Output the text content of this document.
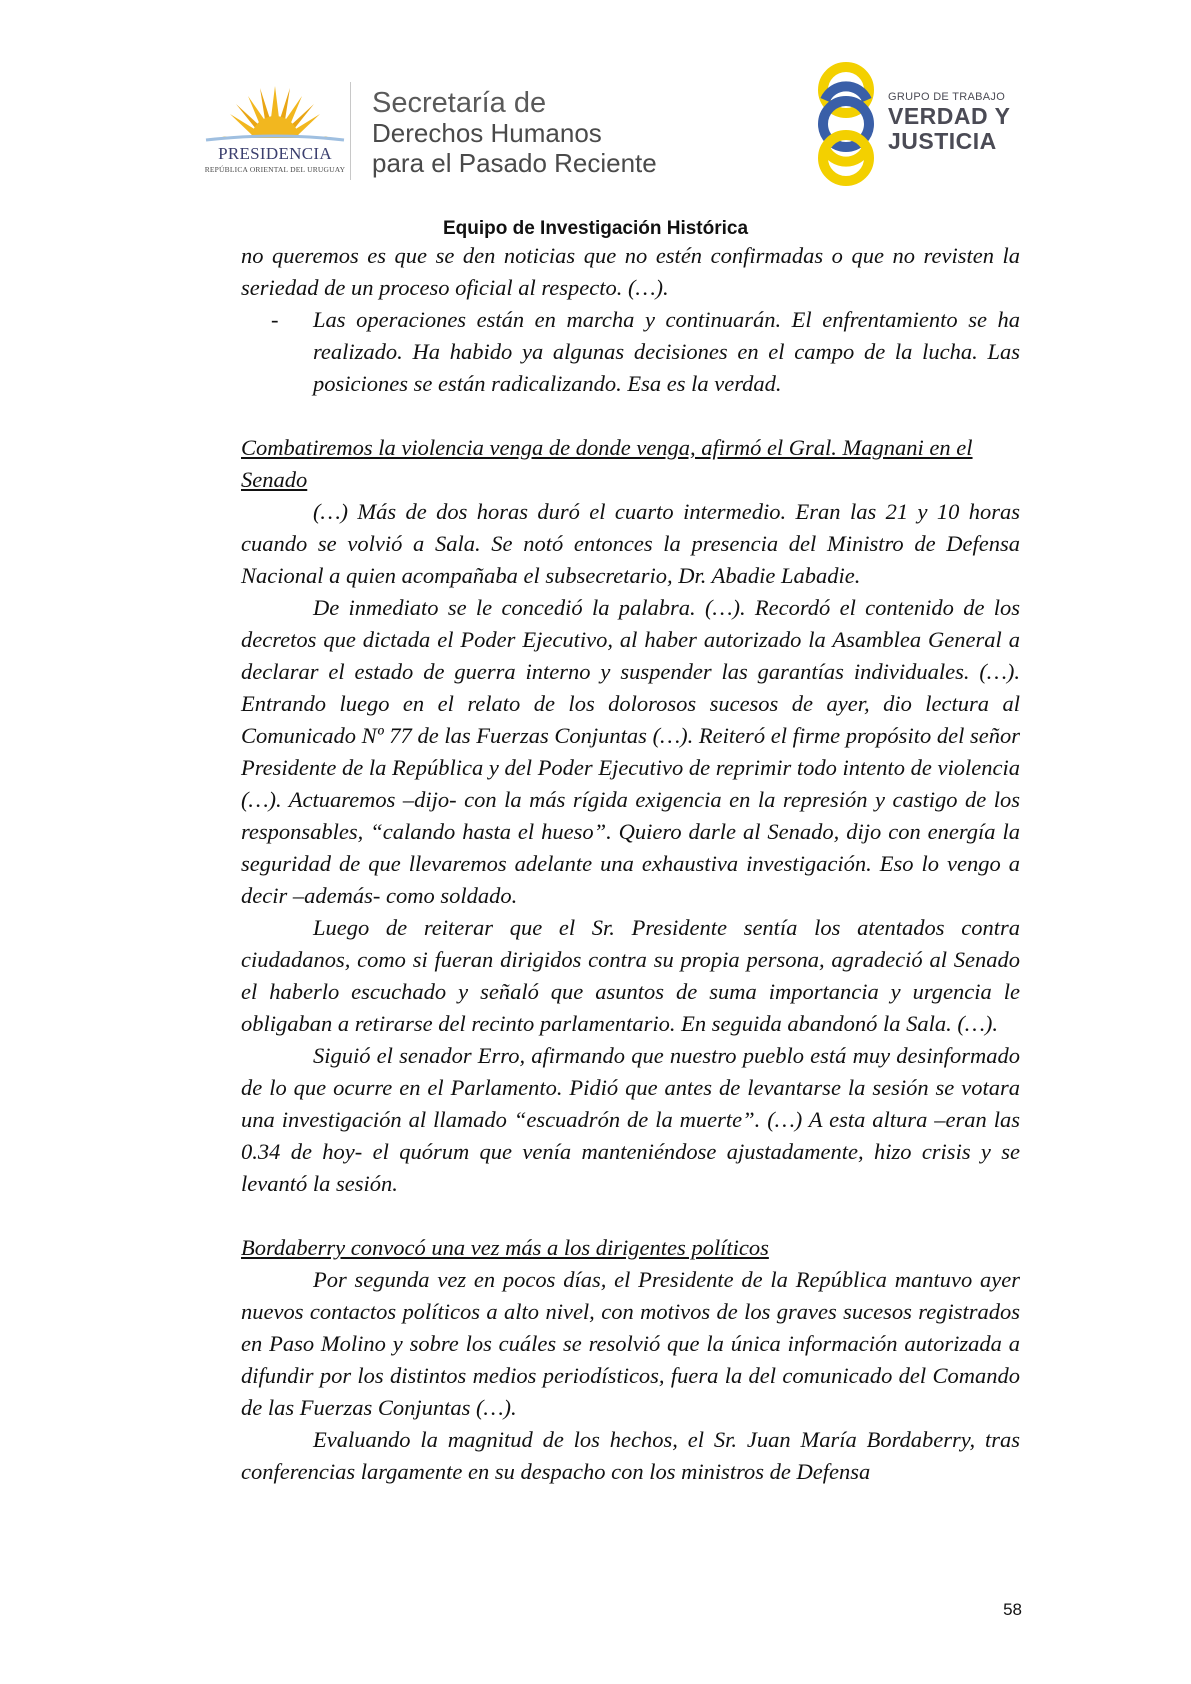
PRESIDENCIA
REPÚBLICA ORIENTAL DEL URUGUAY
Secretaría de
Derechos Humanos
para el Pasado Reciente
GRUPO DE TRABAJO
VERDAD Y
JUSTICIA
Equipo de Investigación Histórica

no queremos es que se den noticias que no estén confirmadas o que no revisten la seriedad de un proceso oficial al respecto. (…).

- Las operaciones están en marcha y continuarán. El enfrentamiento se ha realizado. Ha habido ya algunas decisiones en el campo de la lucha. Las posiciones se están radicalizando. Esa es la verdad.

Combatiremos la violencia venga de donde venga, afirmó el Gral. Magnani en el Senado

(…) Más de dos horas duró el cuarto intermedio. Eran las 21 y 10 horas cuando se volvió a Sala. Se notó entonces la presencia del Ministro de Defensa Nacional a quien acompañaba el subsecretario, Dr. Abadie Labadie.

De inmediato se le concedió la palabra. (…). Recordó el contenido de los decretos que dictada el Poder Ejecutivo, al haber autorizado la Asamblea General a declarar el estado de guerra interno y suspender las garantías individuales. (…). Entrando luego en el relato de los dolorosos sucesos de ayer, dio lectura al Comunicado Nº 77 de las Fuerzas Conjuntas (…). Reiteró el firme propósito del señor Presidente de la República y del Poder Ejecutivo de reprimir todo intento de violencia (…). Actuaremos –dijo- con la más rígida exigencia en la represión y castigo de los responsables, “calando hasta el hueso”. Quiero darle al Senado, dijo con energía la seguridad de que llevaremos adelante una exhaustiva investigación. Eso lo vengo a decir –además- como soldado.

Luego de reiterar que el Sr. Presidente sentía los atentados contra ciudadanos, como si fueran dirigidos contra su propia persona, agradeció al Senado el haberlo escuchado y señaló que asuntos de suma importancia y urgencia le obligaban a retirarse del recinto parlamentario. En seguida abandonó la Sala. (…).

Siguió el senador Erro, afirmando que nuestro pueblo está muy desinformado de lo que ocurre en el Parlamento. Pidió que antes de levantarse la sesión se votara una investigación al llamado “escuadrón de la muerte”. (…) A esta altura –eran las 0.34 de hoy- el quórum que venía manteniéndose ajustadamente, hizo crisis y se levantó la sesión.

Bordaberry convocó una vez más a los dirigentes políticos

Por segunda vez en pocos días, el Presidente de la República mantuvo ayer nuevos contactos políticos a alto nivel, con motivos de los graves sucesos registrados en Paso Molino y sobre los cuáles se resolvió que la única información autorizada a difundir por los distintos medios periodísticos, fuera la del comunicado del Comando de las Fuerzas Conjuntas (…).

Evaluando la magnitud de los hechos, el Sr. Juan María Bordaberry, tras conferencias largamente en su despacho con los ministros de Defensa

58
